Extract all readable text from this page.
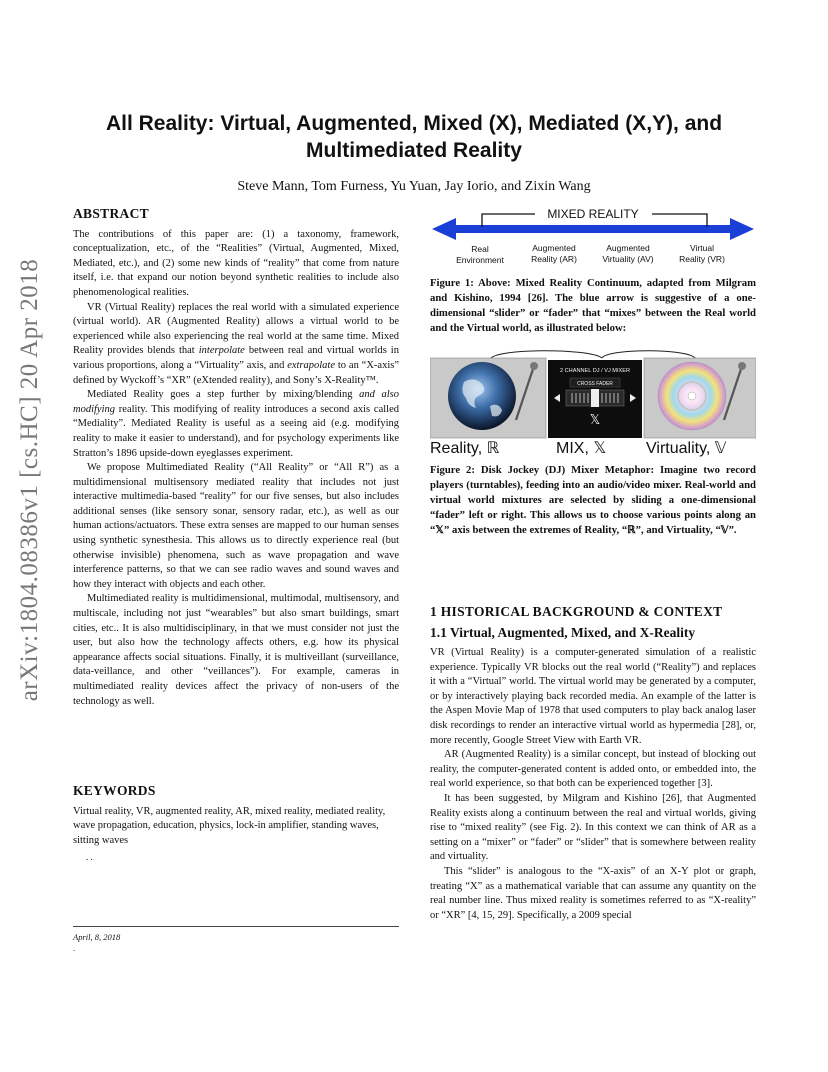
arXiv:1804.08386v1 [cs.HC] 20 Apr 2018
All Reality: Virtual, Augmented, Mixed (X), Mediated (X,Y), and
Multimediated Reality
Steve Mann, Tom Furness, Yu Yuan, Jay Iorio, and Zixin Wang
ABSTRACT

The contributions of this paper are: (1) a taxonomy, framework, conceptualization, etc., of the “Realities” (Virtual, Augmented, Mixed, Mediated, etc.), and (2) some new kinds of “reality” that come from nature itself, i.e. that expand our notion beyond synthetic realities to include also phenomenological realities.

VR (Virtual Reality) replaces the real world with a simulated experience (virtual world). AR (Augmented Reality) allows a virtual world to be experienced while also experiencing the real world at the same time. Mixed Reality provides blends that interpolate between real and virtual worlds in various proportions, along a “Virtuality” axis, and extrapolate to an “X-axis” defined by Wyckoff’s “XR” (eXtended reality), and Sony’s X-Reality™.

Mediated Reality goes a step further by mixing/blending and also modifying reality. This modifying of reality introduces a second axis called “Mediality”. Mediated Reality is useful as a seeing aid (e.g. modifying reality to make it easier to understand), and for psychology experiments like Stratton’s 1896 upside-down eyeglasses experiment.

We propose Multimediated Reality (“All Reality” or “All R”) as a multidimensional multisensory mediated reality that includes not just interactive multimedia-based “reality” for our five senses, but also includes additional senses (like sensory sonar, sensory radar, etc.), as well as our human actions/actuators. These extra senses are mapped to our human senses using synthetic synesthesia. This allows us to directly experience real (but otherwise invisible) phenomena, such as wave propagation and wave interference patterns, so that we can see radio waves and sound waves and how they interact with objects and each other.

Multimediated reality is multidimensional, multimodal, multisensory, and multiscale, including not just “wearables” but also smart buildings, smart cities, etc.. It is also multidisciplinary, in that we must consider not just the user, but also how the technology affects others, e.g. how its physical appearance affects social situations. Finally, it is multiveillant (surveillance, data-veillance, and other “veillances”). For example, cameras in multimediated reality devices affect the privacy of non-users of the technology as well.

KEYWORDS

Virtual reality, VR, augmented reality, AR, mixed reality, mediated reality, wave propagation, education, physics, lock-in amplifier, standing waves, sitting waves

. .
April, 8, 2018
.
MIXED REALITY
Real
Environment
Augmented
Reality (AR)
Augmented
Virtuality (AV)
Virtual
Reality (VR)
Figure 1: Above: Mixed Reality Continuum, adapted from Milgram and Kishino, 1994 [26]. The blue arrow is suggestive of a one-dimensional “slider” or “fader” that “mixes” between the Real world and the Virtual world, as illustrated below:
2 CHANNEL DJ / VJ MIXER
CROSS FADER
𝕏
Reality, ℝ	MIX, 𝕏 Virtuality, 𝕍
Figure 2: Disk Jockey (DJ) Mixer Metaphor: Imagine two record players (turntables), feeding into an audio/video mixer. Real-world and virtual world mixtures are selected by sliding a one-dimensional “fader” left or right. This allows us to choose various points along an “𝕏” axis between the extremes of Reality, “ℝ”, and Virtuality, “𝕍”.
1 HISTORICAL BACKGROUND & CONTEXT
1.1 Virtual, Augmented, Mixed, and X-Reality

VR (Virtual Reality) is a computer-generated simulation of a realistic experience. Typically VR blocks out the real world (“Reality”) and replaces it with a “Virtual” world. The virtual world may be generated by a computer, or by interactively playing back recorded media. An example of the latter is the Aspen Movie Map of 1978 that used computers to play back analog laser disk recordings to render an interactive virtual world as hypermedia [28], or, more recently, Google Street View with Earth VR.

AR (Augmented Reality) is a similar concept, but instead of blocking out reality, the computer-generated content is added onto, or embedded into, the real world experience, so that both can be experienced together [3].

It has been suggested, by Milgram and Kishino [26], that Augmented Reality exists along a continuum between the real and virtual worlds, giving rise to “mixed reality” (see Fig. 2). In this context we can think of AR as a setting on a “mixer” or “fader” or “slider” that is somewhere between reality and virtuality.

This “slider” is analogous to the “X-axis” of an X-Y plot or graph, treating “X” as a mathematical variable that can assume any quantity on the real number line. Thus mixed reality is sometimes referred to as “X-reality” or “XR” [4, 15, 29]. Specifically, a 2009 special
